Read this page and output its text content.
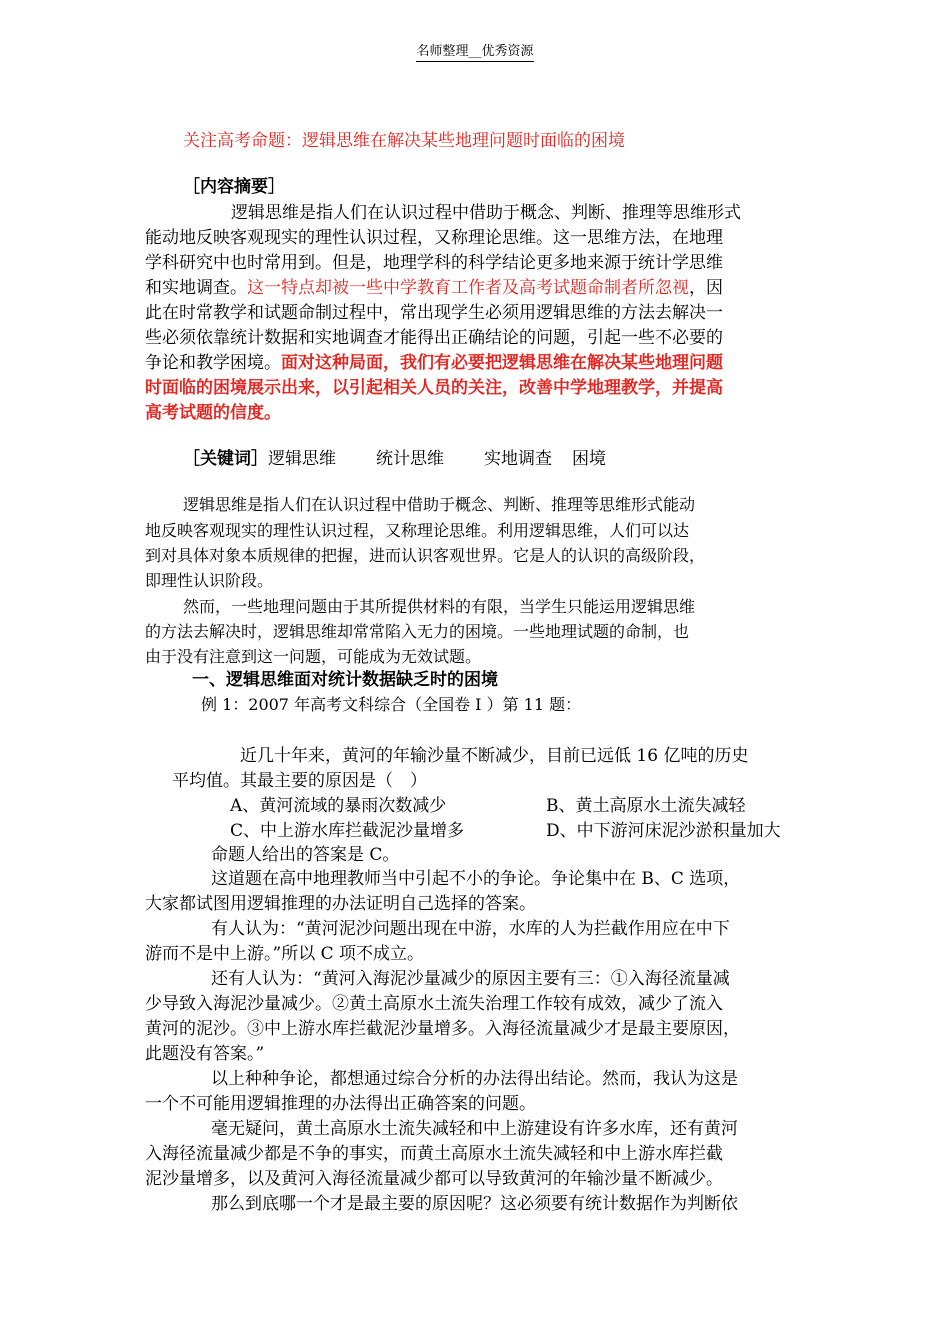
名师整理__优秀资源
关注高考命题：逻辑思维在解决某些地理问题时面临的困境
［内容摘要］
逻辑思维是指人们在认识过程中借助于概念、判断、推理等思维形式
能动地反映客观现实的理性认识过程，又称理论思维。这一思维方法，在地理
学科研究中也时常用到。但是，地理学科的科学结论更多地来源于统计学思维
和实地调查。这一特点却被一些中学教育工作者及高考试题命制者所忽视，因
此在时常教学和试题命制过程中，常出现学生必须用逻辑思维的方法去解决一
些必须依靠统计数据和实地调查才能得出正确结论的问题，引起一些不必要的
争论和教学困境。面对这种局面，我们有必要把逻辑思维在解决某些地理问题
时面临的困境展示出来，以引起相关人员的关注，改善中学地理教学，并提高
高考试题的信度。
［关键词］逻辑思维 统计思维 实地调查 困境
逻辑思维是指人们在认识过程中借助于概念、判断、推理等思维形式能动
地反映客观现实的理性认识过程，又称理论思维。利用逻辑思维，人们可以达
到对具体对象本质规律的把握，进而认识客观世界。它是人的认识的高级阶段，
即理性认识阶段。
然而，一些地理问题由于其所提供材料的有限，当学生只能运用逻辑思维
的方法去解决时，逻辑思维却常常陷入无力的困境。一些地理试题的命制，也
由于没有注意到这一问题，可能成为无效试题。
一、逻辑思维面对统计数据缺乏时的困境
例 1：2007 年高考文科综合（全国卷 I ）第 11 题：
近几十年来，黄河的年输沙量不断减少，目前已远低 16 亿吨的历史
平均值。其最主要的原因是（　）
A、黄河流域的暴雨次数减少	B、黄土高原水土流失减轻
C、中上游水库拦截泥沙量增多	D、中下游河床泥沙淤积量加大
命题人给出的答案是 C。
这道题在高中地理教师当中引起不小的争论。争论集中在 B、C 选项，
大家都试图用逻辑推理的办法证明自己选择的答案。
有人认为：“黄河泥沙问题出现在中游，水库的人为拦截作用应在中下
游而不是中上游。”所以 C 项不成立。
还有人认为：“黄河入海泥沙量减少的原因主要有三：①入海径流量减
少导致入海泥沙量减少。②黄土高原水土流失治理工作较有成效，减少了流入
黄河的泥沙。③中上游水库拦截泥沙量增多。入海径流量减少才是最主要原因，
此题没有答案。”
以上种种争论，都想通过综合分析的办法得出结论。然而，我认为这是
一个不可能用逻辑推理的办法得出正确答案的问题。
毫无疑问，黄土高原水土流失减轻和中上游建设有许多水库，还有黄河
入海径流量减少都是不争的事实，而黄土高原水土流失减轻和中上游水库拦截
泥沙量增多，以及黄河入海径流量减少都可以导致黄河的年输沙量不断减少。
那么到底哪一个才是最主要的原因呢？这必须要有统计数据作为判断依
